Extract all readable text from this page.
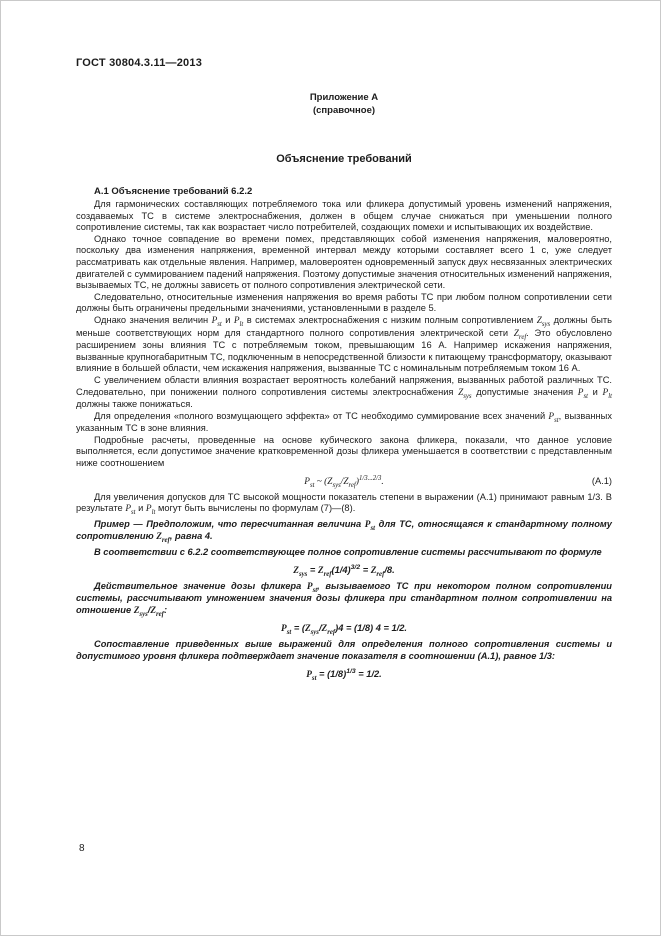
ГОСТ 30804.3.11—2013
Приложение А
(справочное)
Объяснение требований
А.1 Объяснение требований 6.2.2

Для гармонических составляющих потребляемого тока или фликера допустимый уровень изменений напряжения, создаваемых ТС в системе электроснабжения, должен в общем случае снижаться при уменьшении полного сопротивление системы, так как возрастает число потребителей, создающих помехи и испытывающих их воздействие.

Однако точное совпадение во времени помех, представляющих собой изменения напряжения, маловероятно, поскольку два изменения напряжения, временной интервал между которыми составляет всего 1 с, уже следует рассматривать как отдельные явления. Например, маловероятен одновременный запуск двух несвязанных электрических двигателей с суммированием падений напряжения. Поэтому допустимые значения относительных изменений напряжения, вызываемых ТС, не должны зависеть от полного сопротивления электрической сети.

Следовательно, относительные изменения напряжения во время работы ТС при любом полном сопротивлении сети должны быть ограничены предельными значениями, установленными в разделе 5.

Однако значения величин $P_{st}$ и $P_{lt}$ в системах электроснабжения с низким полным сопротивлением $Z_{sys}$ должны быть меньше соответствующих норм для стандартного полного сопротивления электрической сети $Z_{ref}$. Это обусловлено расширением зоны влияния ТС с потребляемым током, превышающим 16 А. Например искажения напряжения, вызванные крупногабаритным ТС, подключенным в непосредственной близости к питающему трансформатору, оказывают влияние в большей области, чем искажения напряжения, вызванные ТС с номинальным потребляемым током 16 А.

С увеличением области влияния возрастает вероятность колебаний напряжения, вызванных работой различных ТС. Следовательно, при понижении полного сопротивления системы электроснабжения $Z_{sys}$ допустимые значения $P_{st}$ и $P_{lt}$ должны также понижаться.

Для определения «полного возмущающего эффекта» от ТС необходимо суммирование всех значений $P_{st}$, вызванных указанным ТС в зоне влияния.

Подробные расчеты, проведенные на основе кубического закона фликера, показали, что данное условие выполняется, если допустимое значение кратковременной дозы фликера уменьшается в соответствии с представленным ниже соотношением

$P_{st}$ ~ $(Z_{sys}/Z_{ref})^{1/3...2/3}$.	(А.1)

Для увеличения допусков для ТС высокой мощности показатель степени в выражении (А.1) принимают равным 1/3. В результате $P_{st}$ и $P_{lt}$ могут быть вычислены по формулам (7)—(8).

Пример — Предположим, что пересчитанная величина $P_{st}$ для ТС, относящаяся к стандартному полному сопротивлению $Z_{ref}$, равна 4.

В соответствии с 6.2.2 соответствующее полное сопротивление системы рассчитывают по формуле

$Z_{sys} = Z_{ref}(1/4)^{3/2} = Z_{ref}/8$.

Действительное значение дозы фликера $P_{st}$, вызываемого ТС при некотором полном сопротивлении системы, рассчитывают умножением значения дозы фликера при стандартном полном сопротивлении на отношение $Z_{sys}/Z_{ref}$:

$P_{st} = (Z_{sys}/Z_{ref})4 = (1/8) 4 = 1/2$.

Сопоставление приведенных выше выражений для определения полного сопротивления системы и допустимого уровня фликера подтверждает значение показателя в соотношении (А.1), равное 1/3:

$P_{st} = (1/8)^{1/3} = 1/2$.
8
